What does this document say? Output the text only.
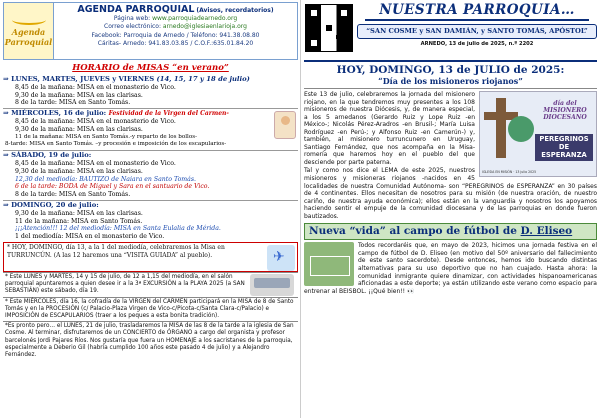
Agenda
Parroquial
AGENDA PARROQUIAL (Avisos, recordatorios)
Página web: www.parroquiadearnedo.org
Correo electrónico: arnedo@iglesiaenlarioja.org
Facebook: Parroquia de Arnedo / Teléfono: 941.38.08.80
Cáritas- Arnedo: 941.83.03.85 / C.O.F.:635.01.84.20
HORARIO de MISAS “en verano”
⇒ LUNES, MARTES, JUEVES y VIERNES (14, 15, 17 y 18 de julio)
8,45 de la mañana: MISA en el monasterio de Vico.
9,30 de la mañana: MISA en las clarisas.
8 de la tarde: MISA en Santo Tomás.
⇒ MIÉRCOLES, 16 de julio: Festividad de la Virgen del Carmen-
8,45 de la mañana: MISA en el monasterio de Vico.
9,30 de la mañana: MISA en las clarisas.
11 de la mañana: MISA en Santo Tomás.-y reparto de los bollos-
8-tarde: MISA en Santo Tomás. –y procesión e imposición de los escapularios-
⇒ SÁBADO, 19 de julio:
8,45 de la mañana: MISA en el monasterio de Vico.
9,30 de la mañana: MISA en las clarisas.
12,30 del mediodía: BAUTIZO de Naiara en Santo Tomás.
6 de la tarde: BODA de Miguel y Sara en el santuario de Vico.
8 de la tarde: MISA en Santo Tomás.
⇒ DOMINGO, 20 de julio:
9,30 de la mañana: MISA en las clarisas.
11 de la mañana: MISA en Santo Tomás.
¡¡¡Atención!!! 12 del mediodía: MISA en Santa Eulalia de Mérida.
1 del mediodía: MISA en el monasterio de Vico.
* HOY, DOMINGO, día 13, a la 1 del mediodía, celebraremos la Misa en TURRUNCÚN. (A las 12 haremos una “VISITA GUIADA” al pueblo).
✈
* Este LUNES y MARTES, 14 y 15 de julio, de 12 a 1,15 del mediodía, en el salón parroquial apuntaremos a quien desee ir a la 3ª EXCURSIÓN a la PLAYA 2025 (a SAN SEBASTIÁN) este sábado, día 19.
* Este MIÉRCOLES, día 16, la cofradía de la VIRGEN del CARMEN participará en la MISA de 8 de Santo Tomás y en la PROCESIÓN (c/ Palacio-Plaza Virgen de Vico-c/Picota-c/Santa Clara-c/Palacio) e IMPOSICIÓN de ESCAPULARIOS (traer a los peques a esta bonita tradición).
*Es pronto pero… el LUNES, 21 de julio, trasladaremos la MISA de las 8 de la tarde a la iglesia de San Cosme. Al terminar, disfrutaremos de un CONCIERTO de ÓRGANO a cargo del organista y profesor barcelonés Jordi Pajares Ríos. Nos gustaría que fuera un HOMENAJE a los sacristanes de la parroquia, especialmente a Deberio Gil (habría cumplido 100 años este pasado 4 de julio) y a Alejandro Fernández.
NUESTRA PARROQUIA…
“SAN COSME y SAN DAMIÁN, y SANTO TOMÁS, APÓSTOL”
ARNEDO, 13 de julio de 2025, n.º 2202
HOY, DOMINGO, 13 de JULIO de 2025:
“Día de los misioneros riojanos”
día del MISIONERO DIOCESANO
PEREGRINOS DE ESPERANZA
IGLESIA EN MISIÓN · 13 julio 2025

Este 13 de julio, celebraremos la jornada del misionero riojano, en la que tendremos muy presentes a los 108 misioneros de nuestra Diócesis, y, de manera especial, a los 5 arnedanos (Gerardo Ruiz y Lope Ruiz -en México-; Nicolás Pérez-Aradros -en Brusil-; María Luisa Rodríguez -en Perú-; y Alfonso Ruiz -en Camerún-) y, también, al misionero turruncunero en Uruguay, Santiago Fernández, que nos acompaña en la Misa-romería que haremos hoy en el pueblo del que desciende por parte paterna.

Tal y como nos dice el LEMA de este 2025, nuestros misioneros y misioneras riojanos -nacidos en 45 localidades de nuestra Comunidad Autónoma- son “PEREGRINOS de ESPERANZA” en 30 países de 4 continentes. Ellos necesitan de nosotros para su misión (de nuestra oración, de nuestro cariño, de nuestra ayuda económica); ellos están en la vanguardia y nosotros los apoyamos haciendo sentir el empuje de la comunidad diocesana y de las parroquias en donde fueron bautizados.

Nueva “vida” al campo de fútbol de D. Eliseo
Todos recordaréis que, en mayo de 2023, hicimos una jornada festiva en el campo de fútbol de D. Eliseo (en motivo del 50º aniversario del fallecimiento de este santo sacerdote). Desde entonces, hemos ido buscando distintas alternativas para su uso deportivo que no han cuajado. Hasta ahora: la comunidad inmigrante quiere dinamizar, con actividades hispanoamericanas aficionadas a este deporte; ya están utilizando este verano como espacio para entrenar al BEISBOL. ¡¡Qué bien!! 👀
